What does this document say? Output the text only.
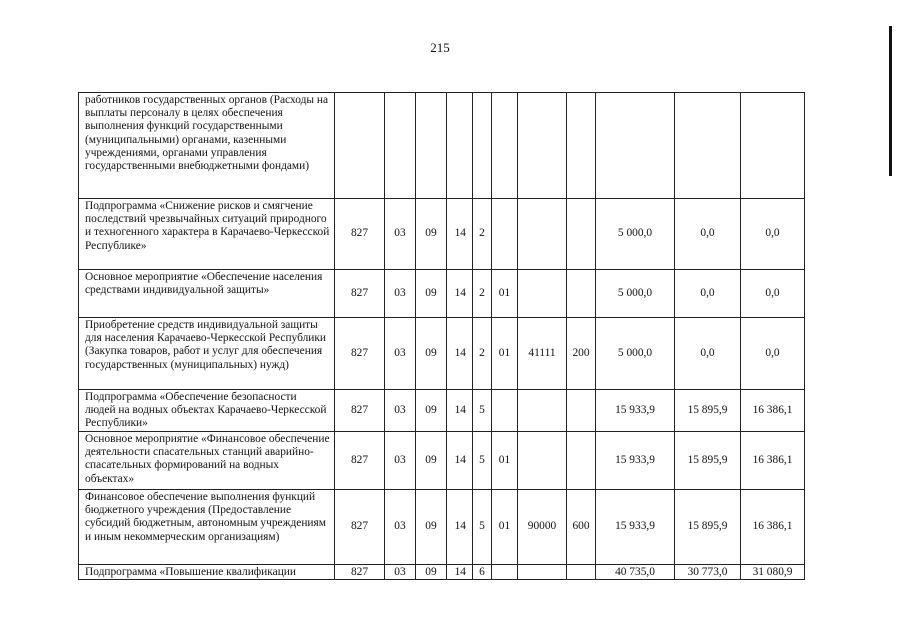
215
работников государственных органов (Расходы на выплаты персоналу в целях обеспечения выполнения функций государственными (муниципальными) органами, казенными учреждениями, органами управления государственными внебюджетными фондами)											
Подпрограмма «Снижение рисков и смягчение последствий чрезвычайных ситуаций природного и техногенного характера в Карачаево-Черкесской Республике»	827	03	09	14	2				5 000,0	0,0	0,0
Основное мероприятие «Обеспечение населения средствами индивидуальной защиты»	827	03	09	14	2	01			5 000,0	0,0	0,0
Приобретение средств индивидуальной защиты для населения Карачаево-Черкесской Республики (Закупка товаров, работ и услуг для обеспечения государственных (муниципальных) нужд)	827	03	09	14	2	01	41111	200	5 000,0	0,0	0,0
Подпрограмма «Обеспечение безопасности людей на водных объектах Карачаево-Черкесской Республики»	827	03	09	14	5				15 933,9	15 895,9	16 386,1
Основное мероприятие «Финансовое обеспечение деятельности спасательных станций аварийно-спасательных формирований на водных объектах»	827	03	09	14	5	01			15 933,9	15 895,9	16 386,1
Финансовое обеспечение выполнения функций бюджетного учреждения (Предоставление субсидий бюджетным, автономным учреждениям и иным некоммерческим организациям)	827	03	09	14	5	01	90000	600	15 933,9	15 895,9	16 386,1
Подпрограмма «Повышение квалификации	827	03	09	14	6				40 735,0	30 773,0	31 080,9
